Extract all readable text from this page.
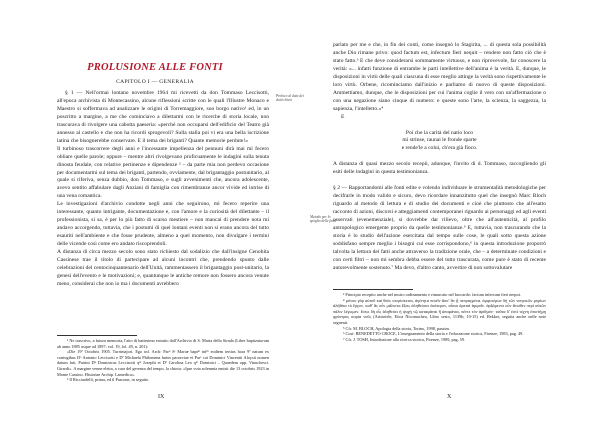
PROLUSIONE ALLE FONTI
CAPITOLO I — GENERALIA
Proloco al dato dei dotti chiesi

§ 1 — Nell'ormai lontano novembre 1964 mi ricevetti da don Tommaso Leccisotti, all'epoca archivista di Montecassino, alcune riflessioni scritte con le quali l'Illustre Monaco e Maestro si soffermava ad analizzare le origini di Torremaggiore, suo borgo nativo¹ ed, in un poscritto a margine, a me che cominciavo a dilettarmi con le ricerche di storia locale, non trascurava di rivolgere una cabotta paeseria: «perché non occuparsi dell'edificio del Teatro già annesso al castello e che non ha ricordi sprogevoli? Sulla stalla poi vi era una bella iscrizione latina che bisognerebbe conservare. E il tema dei briganti? Quante memorie perdute!»

Il turbinoso trascorrere degli anni e l'incessante impellenza del pennuni dirà mai mi fecero obliare quelle parole; oppure – mentre altri rivolgevano proficuamente le indagini sulla tenuta dinosta feudale, con relative pertinenze e dipendenze ² – da parte mia non perdevo occasione per documentarmi sul tema dei briganti, partendo, ovviamente, dal brigantaggio postunitario, al quale si riferiva, senza dubbio, don Tommaso, e sugli avvenimenti che, ancora adolescente, avevo sentito affabulare dagli Anziani di famiglia con rimembranze ancor vivide ed intrise di una vena romantica.

Le investigazioni d'archivio condotte negli anni che seguirono, mi fecero reperire una interessante, quanto intrigante, documentazione e, con l'amore e la curiosità del dilettante – il professionista, si sa, è per lo più fatto di scarso mestiere – non mancai di prendere nota mi andavo accorgendo, tuttavia, che i postumi di quei lontani eventi non si erano ancora del tutto esauriti nell'ambiente e che fosse prudente, almeno a quel momento, non divulgare i termini delle vicende così come ero andato riscoprendoli.

A distanza di circa mezzo secolo sono stato richiesto dal sodalizio che dall'insigne Cenobita Cassinese trae il titolo di partecipare ad alcuni incontri che, prendendo spunto dalle celebrazioni del centocinquantenario dell'Unità, rammentassero il brigantaggio post-unitario, la genesi dell'evento e le motivazioni; e, quantunque le antiche remore non fossero ancora venute meno, considerai che non io ma i documenti avrebbero

¹ Ne trascrivo, a futura memoria, l'atto di battesimo estratto dall'Archivio di S. Maria della Strada (Liber baptizatorum ab anno 1885 usque ad 1897: vol. 19, fol. 49, n. 201):

«Die 19ª Octobris 1905. Turrimajori. Ego inf. Arch: Parᵘ Sᵗ Mariæ baptᵐ infᵐ eodiem tertius hora 9ª natum ex coniugibus Dᵒ Antonio Leccisotti e Dª Michaela Philomena huius paroeciae et Parᵉ cui Dominici Vincentii Aloysii nomen datum fuit. Patrini Dⁿ Dominicus Leccisotti qᵐ Josephi et Dª Carolina Leo qᵐ Dominici – Quaedem opp. Vinuchesci. Girardi». A margine venne eletta, a cura del gerenza del tempo, la chiosa: «Ipse vota solemnia emisit die 13 octobris 1923 in Monte Cassino. Historiae Archip. Lamedica».

² Il Ricciardelli, prima, ed il Pascone, in seguito.

IX
Metodo per lo spoglio delle fonti

parlato per me e che, in fin dei conti, come insegnò lo Stagirita, ... di questa sola possibilità anche Dio rimane privo: quod factum est, infectum fieri nequit – rendere non fatto ciò che è stato fatto.³ E che deve considerarsi sommamente virtuoso, e non riprovevole, far conoscere la verità: «... infatti funzione di entrambe le parti intellettive dell'anima è la verità. E, dunque, le disposizioni in virtù delle quali ciascuna di esse meglio attinge la verità sono rispettivamente le loro virtù. Orbene, ricominciamo dall'inizio e parliamo di nuovo di queste disposizioni. Ammettiamo, dunque, che le disposizioni per cui l'anima coglie il vero con un'affermazione o con una negazione siano cinque di numero: e queste sono l'arte, la scienza, la saggezza, la sapienza, l'intelletto.»⁴

E

Poi che la carità del natio loco
mi strinse, raunai le fronde sparte
e rende'le a colui, ch'era già fioco.

A distanza di quasi mezzo secolo recepii, adunque, l'invito di d. Tommaso, raccogliendo gli esiti delle indagini in questa testimonianza.

§ 2 — Rapportandomi alle fonti edite e volendo individuare le strumentalità metodologiche per decifrarle in modo valido e sicuro, devo ricordare innanzitutto quel che insegnò Marc Bloch riguardo al metodo di lettura e di studio dei documenti e cioè che piuttosto che all'esatto racconto di azioni, discorsi e atteggiamenti contemporanei riguardo ai personaggi ed agli eventi osservati (evenemenziale), si dovrebbe dar rilievo, oltre che all'autenticità, al profilo antropologico emergente proprio da quelle testimonianze.⁵ E, tuttavia, non trascurando che la storia è lo studio dell'azione esercitata dal tempo sulle cose, le quali sotto questa azione soddisfano sempre meglio i bisogni cui esse corrispondono,⁶ in questa introduzione proporrò talvolta la lettura dei fatti anche attraverso la tradizione orale, che – a determinate condizioni e con certi filtri – non mi sembra debba essere del tutto trascurata, come pure è stato di recente autorevolmente sostenuto.⁷ Ma devo, d'altro canto, avvertire di non sottovalutare

³ Principio recepito anche nel nostro ordinamento e rimarcato nel brocardo: factum infectum fieri nequit.

⁴ μόνου γὰρ αὐτοῦ καὶ θεὸς στερίσκεται, ἀγένητα ποιεῖν ἅσσ' ἂν ᾖ πεπραγμένα. ἀμφοτέρων δὴ τῶν νοητικῶν μορίων ἀλήθεια τὸ ἔργον. καθ' ἃς οὖν μάλιστα ἕξεις ἀληθεύσει ἑκάτερον, αὗται ἀρεταὶ ἀμφοῖν. ἀρξάμενοι οὖν ἄνωθεν περὶ αὐτῶν πάλιν λέγωμεν. ἔστω δὴ οἷς ἀληθεύει ἡ ψυχὴ τῷ καταφάναι ἢ ἀποφάναι, πέντε τὸν ἀριθμόν· ταῦτα δ' ἐστὶ τέχνη ἐπιστήμη φρόνησις σοφία νοῦς (Aristotele, Etica Nicomachea, Libro sesto, 1139b, 10-15) ed. Bekker, seguita anche nelle note seguenti.

⁵ Cfr. M. BLOCH, Apologia della storia, Torino, 1998, passim.

⁶ Cosí: BENEDETTO CROCE, L'insegnamento della storia e l'educazione storica, Firenze, 1983, pag. 49.

⁷ Cfr. J. TOSH, Introduzione alla ricerca storica, Firenze, 1989, pag. 59.

X
